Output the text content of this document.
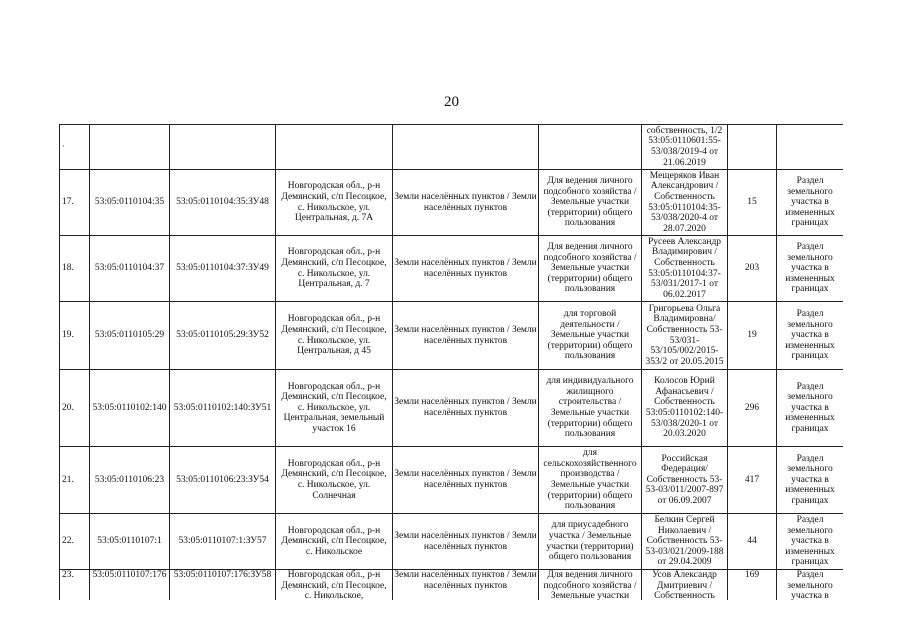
20
·						собственность, 1/2 53:05:0110601:55-53/038/2019-4 от 21.06.2019		
17.	53:05:0110104:35	53:05:0110104:35:ЗУ48	Новгородская обл., р-н Демянский, с/п Песоцкое, с. Никольское, ул. Центральная, д. 7А	Земли населённых пунктов / Земли населённых пунктов	Для ведения личного подсобного хозяйства / Земельные участки (территории) общего пользования	Мещеряков Иван Александрович /Собственность 53:05:0110104:35-53/038/2020-4 от 28.07.2020	15	Раздел земельного участка в измененных границах
18.	53:05:0110104:37	53:05:0110104:37:ЗУ49	Новгородская обл., р-н Демянский, с/п Песоцкое, с. Никольское, ул. Центральная, д. 7	Земли населённых пунктов / Земли населённых пунктов	Для ведения личного подсобного хозяйства / Земельные участки (территории) общего пользования	Русеев Александр Владимирович /Собственность 53:05:0110104:37-53/031/2017-1 от 06.02.2017	203	Раздел земельного участка в измененных границах
19.	53:05:0110105:29	53:05:0110105:29:ЗУ52	Новгородская обл., р-н Демянский, с/п Песоцкое, с. Никольское, ул. Центральная, д 45	Земли населённых пунктов / Земли населённых пунктов	для торговой деятельности / Земельные участки (территории) общего пользования	Григорьева Ольга Владимировна/ Собственность 53-53/031-53/105/002/2015-353/2 от 20.05.2015	19	Раздел земельного участка в измененных границах
20.	53:05:0110102:140	53:05:0110102:140:ЗУ51	Новгородская обл., р-н Демянский, с/п Песоцкое, с. Никольское, ул. Центральная, земельный участок 16	Земли населённых пунктов / Земли населённых пунктов	для индивидуального жилищного строительства / Земельные участки (территории) общего пользования	Колосов Юрий Афанасьевич /Собственность 53:05:0110102:140-53/038/2020-1 от 20.03.2020	296	Раздел земельного участка в измененных границах
21.	53:05:0110106:23	53:05:0110106:23:ЗУ54	Новгородская обл., р-н Демянский, с/п Песоцкое, с. Никольское, ул. Солнечная	Земли населённых пунктов / Земли населённых пунктов	для сельскохозяйственного производства / Земельные участки (территории) общего пользования	Российская Федерация/ Собственность 53-53-03/011/2007-897 от 06.09.2007	417	Раздел земельного участка в измененных границах
22.	53:05:0110107:1	53:05:0110107:1:ЗУ57	Новгородская обл., р-н Демянский, с/п Песоцкое, с. Никольское	Земли населённых пунктов / Земли населённых пунктов	для приусадебного участка / Земельные участки (территории) общего пользования	Белкин Сергей Николаевич /Собственность 53-53-03/021/2009-188 от 29.04.2009	44	Раздел земельного участка в измененных границах
23.	53:05:0110107:176	53:05:0110107:176:ЗУ58	Новгородская обл., р-н Демянский, с/п Песоцкое, с. Никольское,	Земли населённых пунктов / Земли населённых пунктов	Для ведения личного подсобного хозяйства / Земельные участки	Усов Александр Дмитриевич /Собственность	169	Раздел земельного участка в
